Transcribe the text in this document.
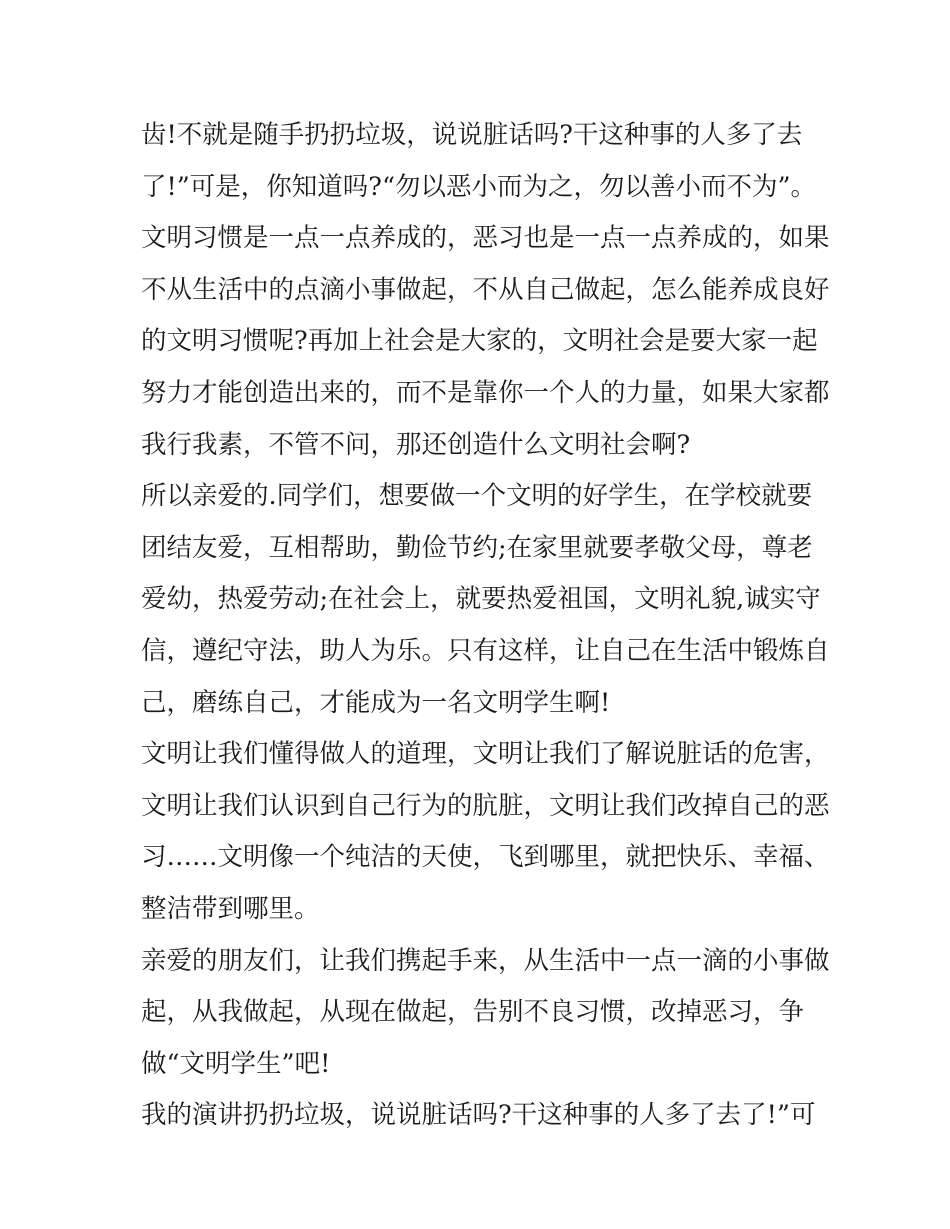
齿!不就是随手扔扔垃圾，说说脏话吗?干这种事的人多了去
了!”可是，你知道吗?“勿以恶小而为之，勿以善小而不为”。
文明习惯是一点一点养成的，恶习也是一点一点养成的，如果
不从生活中的点滴小事做起，不从自己做起，怎么能养成良好
的文明习惯呢?再加上社会是大家的，文明社会是要大家一起
努力才能创造出来的，而不是靠你一个人的力量，如果大家都
我行我素，不管不问，那还创造什么文明社会啊?
所以亲爱的.同学们，想要做一个文明的好学生，在学校就要
团结友爱，互相帮助，勤俭节约;在家里就要孝敬父母，尊老
爱幼，热爱劳动;在社会上，就要热爱祖国，文明礼貌,诚实守
信，遵纪守法，助人为乐。只有这样，让自己在生活中锻炼自
己，磨练自己，才能成为一名文明学生啊!
文明让我们懂得做人的道理，文明让我们了解说脏话的危害，
文明让我们认识到自己行为的肮脏，文明让我们改掉自己的恶
习……文明像一个纯洁的天使，飞到哪里，就把快乐、幸福、
整洁带到哪里。
亲爱的朋友们，让我们携起手来，从生活中一点一滴的小事做
起，从我做起，从现在做起，告别不良习惯，改掉恶习，争
做“文明学生”吧!
我的演讲扔扔垃圾，说说脏话吗?干这种事的人多了去了!”可
